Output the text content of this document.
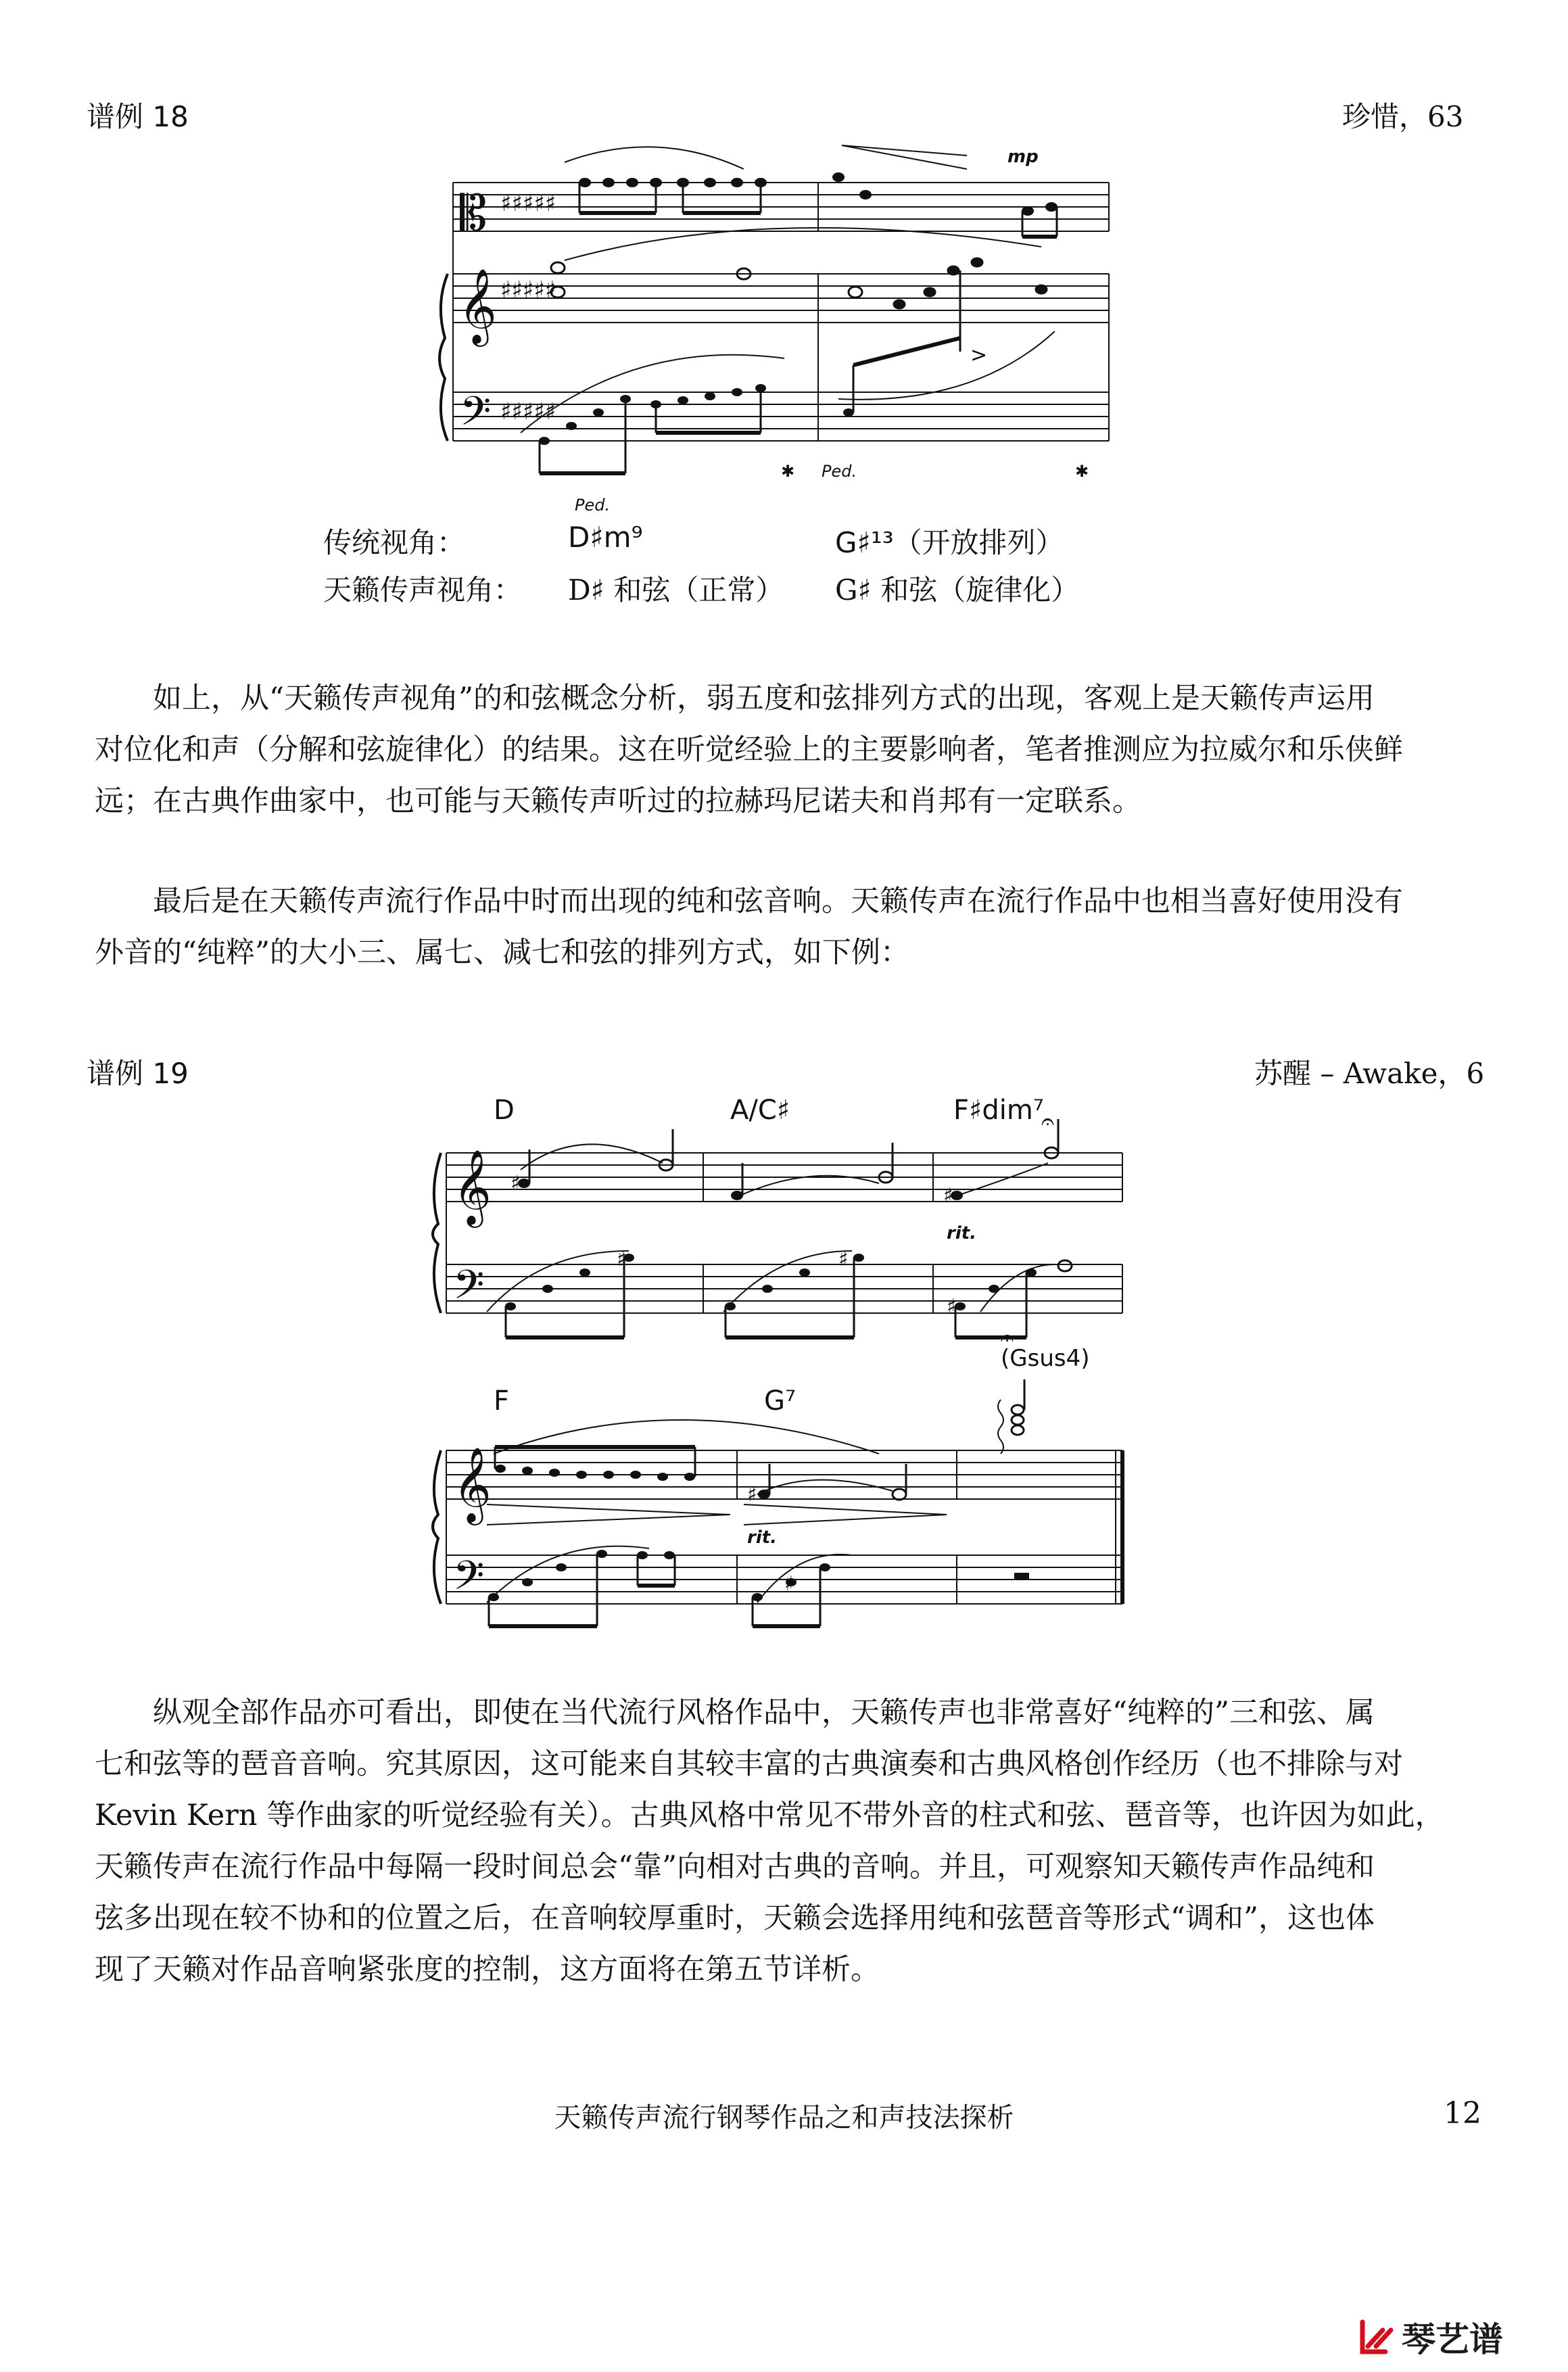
谱例 18	珍惜，63
𝄡
𝄞
𝄢
♯♯♯♯♯
♯♯♯♯♯
♯♯♯♯♯
>
mp
Ped.
Ped.
✱	✱
传统视角：	D♯m⁹	G♯¹³（开放排列）
天籁传声视角： D♯ 和弦（正常） G♯ 和弦（旋律化）

如上，从“天籁传声视角”的和弦概念分析，弱五度和弦排列方式的出现，客观上是天籁传声运用
对位化和声（分解和弦旋律化）的结果。这在听觉经验上的主要影响者，笔者推测应为拉威尔和乐侠鲜
远；在古典作曲家中，也可能与天籁传声听过的拉赫玛尼诺夫和肖邦有一定联系。

最后是在天籁传声流行作品中时而出现的纯和弦音响。天籁传声在流行作品中也相当喜好使用没有
外音的“纯粹”的大小三、属七、减七和弦的排列方式，如下例：

谱例 19	苏醒 – Awake，6
D	A/C♯	F♯dim⁷
𝄞
𝄢
𝄞
𝄢
♯
♯	♯
♯
♯
𝄐
rit.
F	G⁷
(Gsus4)
♯
♯
𝄐
rit.

纵观全部作品亦可看出，即使在当代流行风格作品中，天籁传声也非常喜好“纯粹的”三和弦、属
七和弦等的琶音音响。究其原因，这可能来自其较丰富的古典演奏和古典风格创作经历（也不排除与对
Kevin Kern 等作曲家的听觉经验有关）。古典风格中常见不带外音的柱式和弦、琶音等，也许因为如此，
天籁传声在流行作品中每隔一段时间总会“靠”向相对古典的音响。并且，可观察知天籁传声作品纯和
弦多出现在较不协和的位置之后，在音响较厚重时，天籁会选择用纯和弦琶音等形式“调和”，这也体
现了天籁对作品音响紧张度的控制，这方面将在第五节详析。

天籁传声流行钢琴作品之和声技法探析	12
琴艺谱
